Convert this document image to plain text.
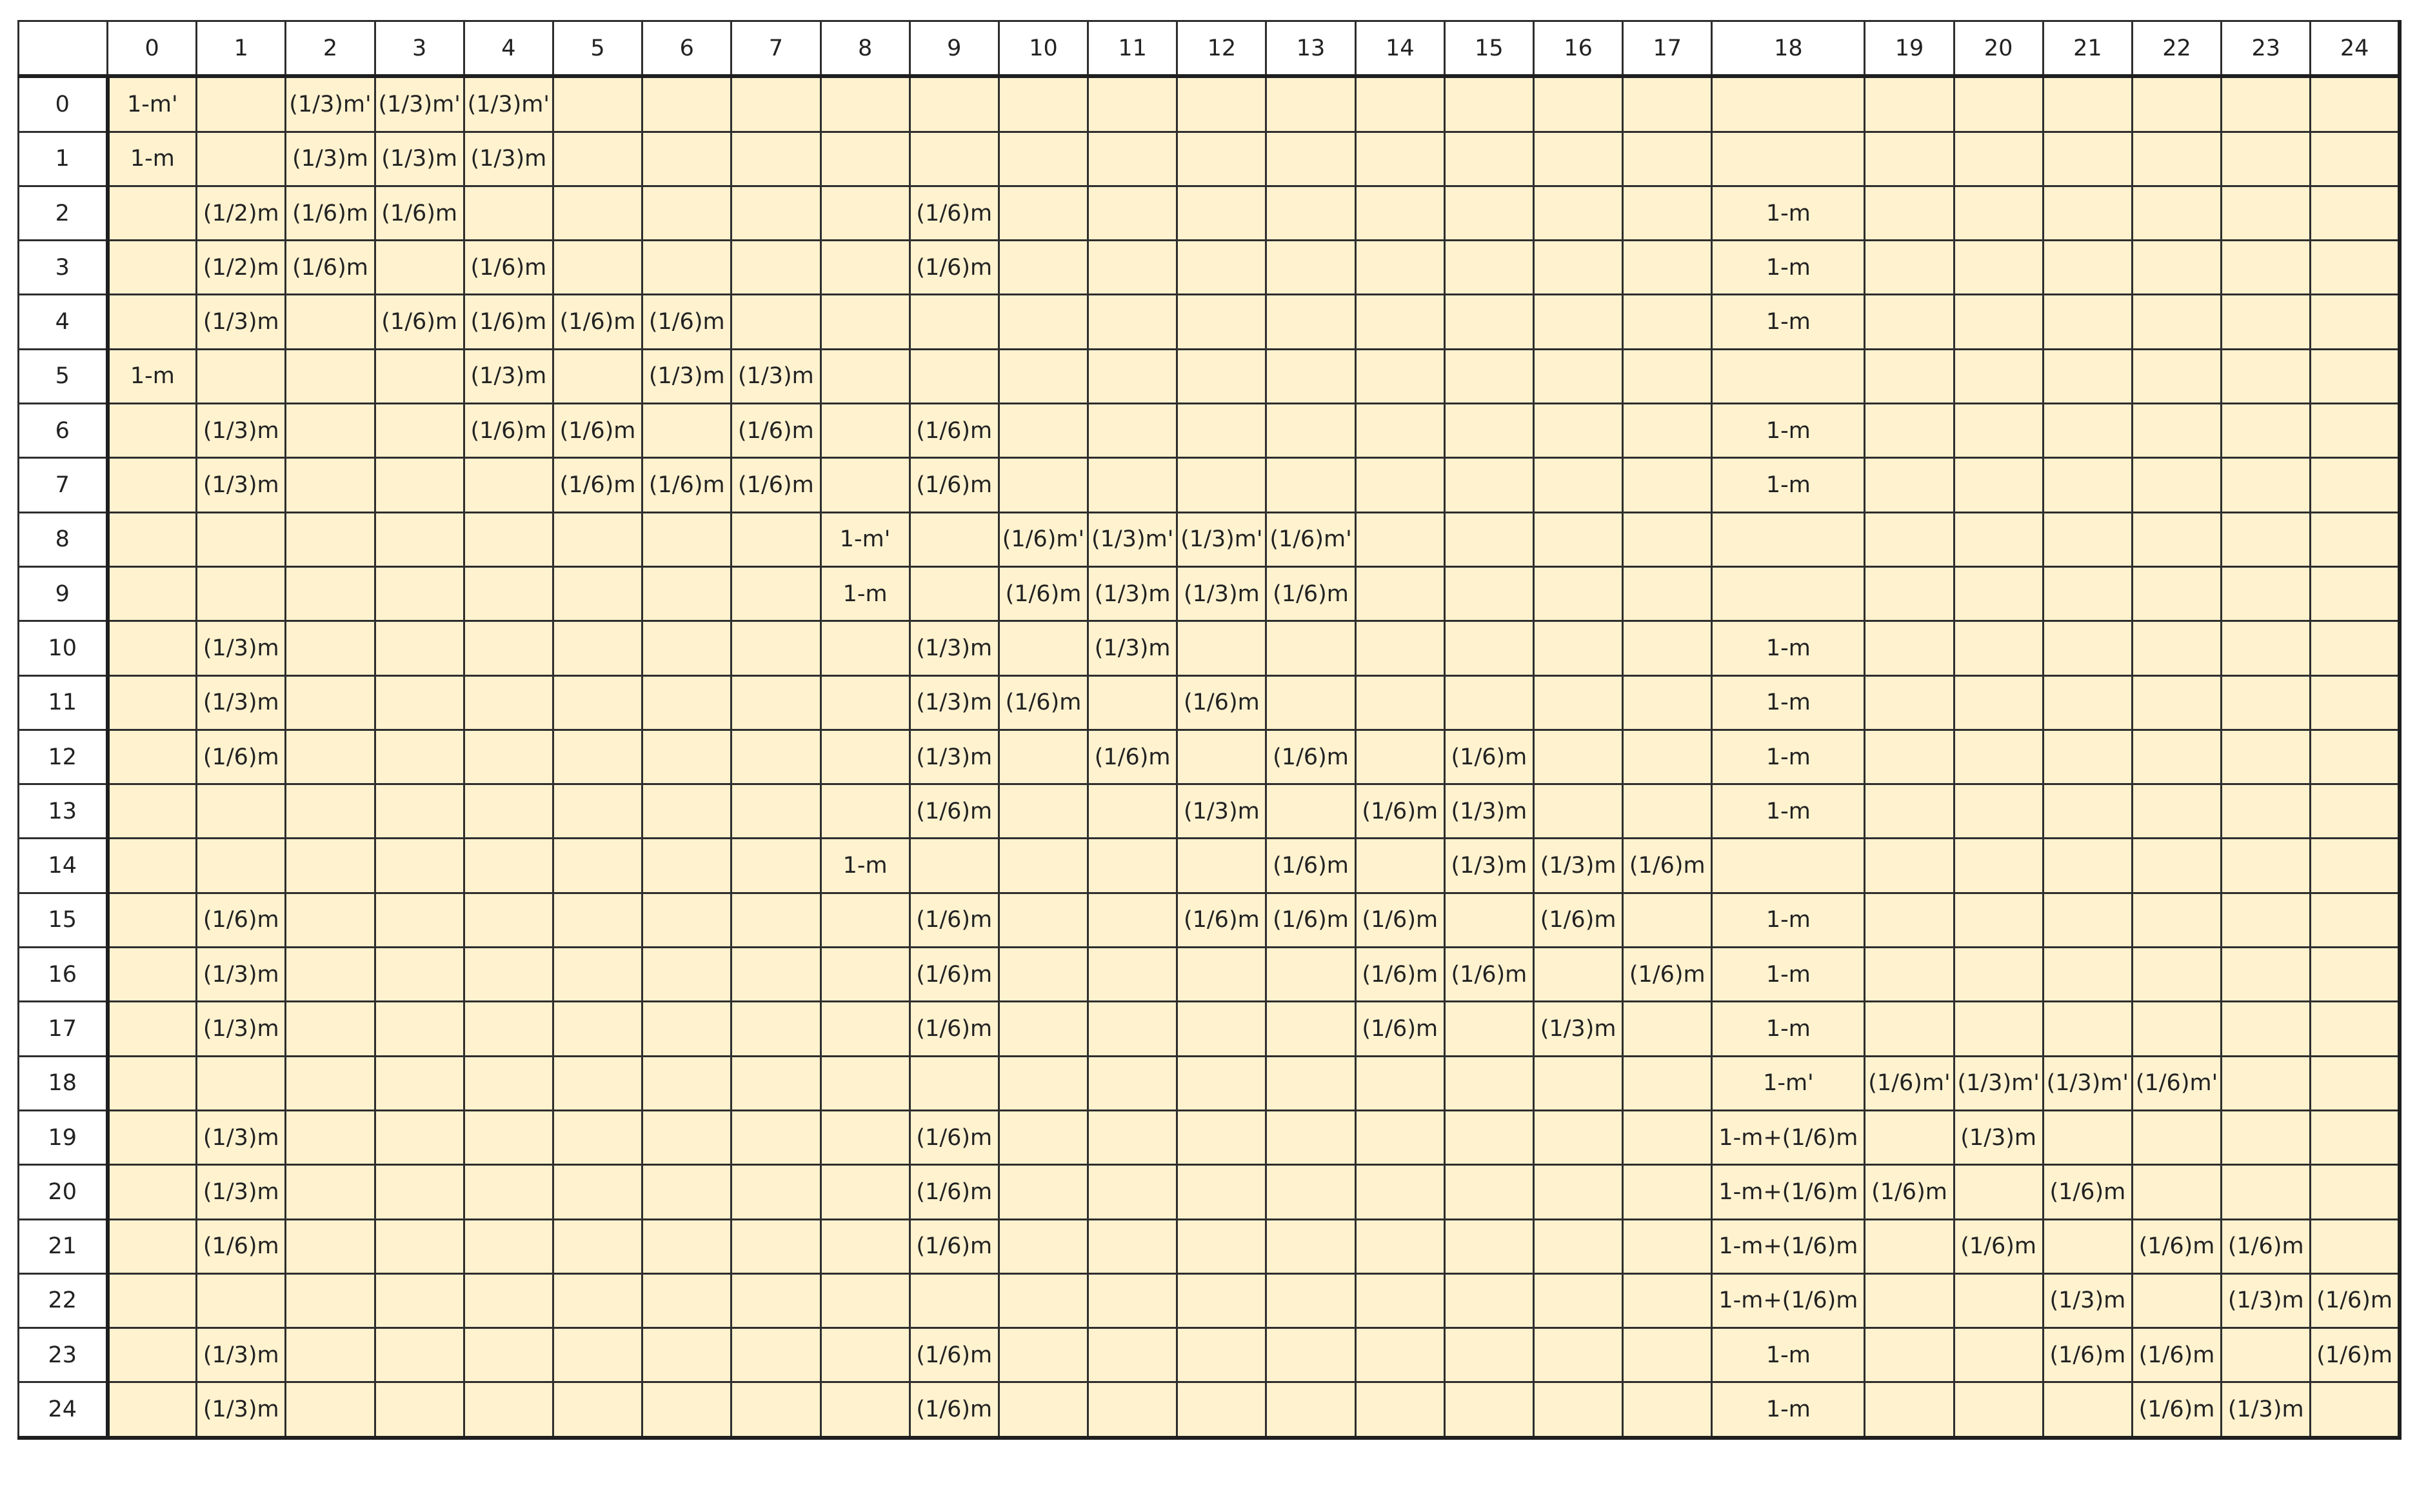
	0	1	2	3	4	5	6	7	8	9	10	11	12	13	14	15	16	17	18	19	20	21	22	23	24
0	1-m'		(1/3)m'	(1/3)m'	(1/3)m'																				
1	1-m		(1/3)m	(1/3)m	(1/3)m																				
2		(1/2)m	(1/6)m	(1/6)m						(1/6)m									1-m						
3		(1/2)m	(1/6)m		(1/6)m					(1/6)m									1-m						
4		(1/3)m		(1/6)m	(1/6)m	(1/6)m	(1/6)m												1-m						
5	1-m				(1/3)m		(1/3)m	(1/3)m																	
6		(1/3)m			(1/6)m	(1/6)m		(1/6)m		(1/6)m									1-m						
7		(1/3)m				(1/6)m	(1/6)m	(1/6)m		(1/6)m									1-m						
8									1-m'		(1/6)m'	(1/3)m'	(1/3)m'	(1/6)m'											
9									1-m		(1/6)m	(1/3)m	(1/3)m	(1/6)m											
10		(1/3)m								(1/3)m		(1/3)m							1-m						
11		(1/3)m								(1/3)m	(1/6)m		(1/6)m						1-m						
12		(1/6)m								(1/3)m		(1/6)m		(1/6)m		(1/6)m			1-m						
13										(1/6)m			(1/3)m		(1/6)m	(1/3)m			1-m						
14									1-m					(1/6)m		(1/3)m	(1/3)m	(1/6)m							
15		(1/6)m								(1/6)m			(1/6)m	(1/6)m	(1/6)m		(1/6)m		1-m						
16		(1/3)m								(1/6)m					(1/6)m	(1/6)m		(1/6)m	1-m						
17		(1/3)m								(1/6)m					(1/6)m		(1/3)m		1-m						
18																			1-m'	(1/6)m'	(1/3)m'	(1/3)m'	(1/6)m'		
19		(1/3)m								(1/6)m									1-m+(1/6)m		(1/3)m				
20		(1/3)m								(1/6)m									1-m+(1/6)m	(1/6)m		(1/6)m			
21		(1/6)m								(1/6)m									1-m+(1/6)m		(1/6)m		(1/6)m	(1/6)m	
22																			1-m+(1/6)m			(1/3)m		(1/3)m	(1/6)m
23		(1/3)m								(1/6)m									1-m			(1/6)m	(1/6)m		(1/6)m
24		(1/3)m								(1/6)m									1-m				(1/6)m	(1/3)m	
